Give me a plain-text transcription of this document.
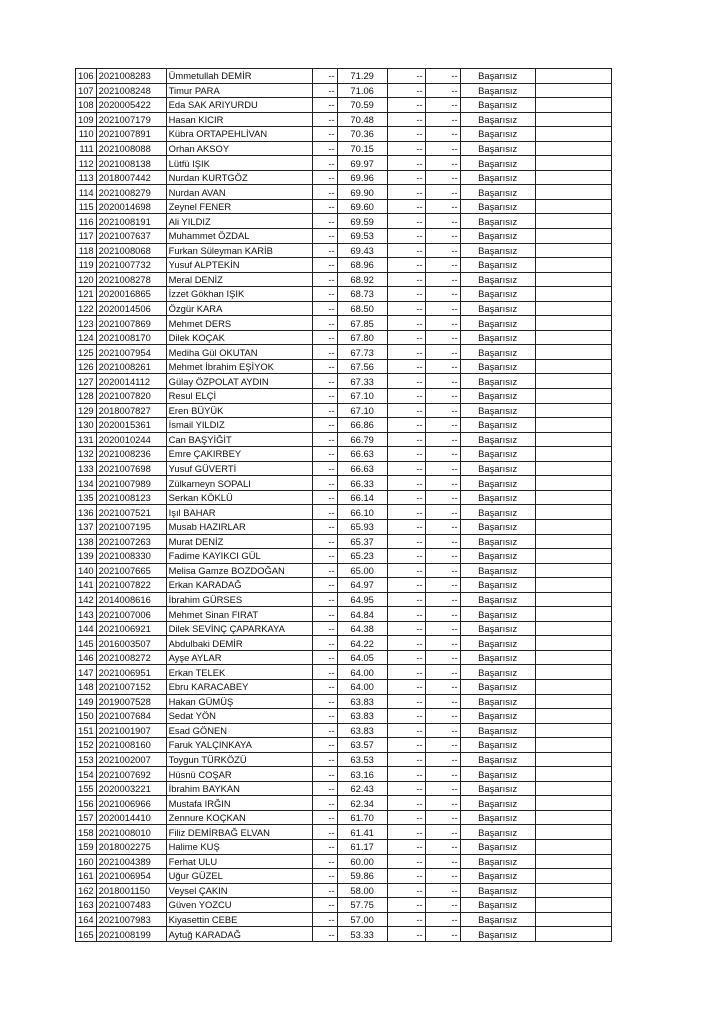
106	2021008283	Ümmetullah DEMİR	--	71.29	--	--	Başarısız	
107	2021008248	Timur PARA	--	71.06	--	--	Başarısız	
108	2020005422	Eda SAK ARIYURDU	--	70.59	--	--	Başarısız	
109	2021007179	Hasan KICIR	--	70.48	--	--	Başarısız	
110	2021007891	Kübra ORTAPEHLİVAN	--	70.36	--	--	Başarısız	
111	2021008088	Orhan AKSOY	--	70.15	--	--	Başarısız	
112	2021008138	Lütfü IŞIK	--	69.97	--	--	Başarısız	
113	2018007442	Nurdan KURTGÖZ	--	69.96	--	--	Başarısız	
114	2021008279	Nurdan AVAN	--	69.90	--	--	Başarısız	
115	2020014698	Zeynel FENER	--	69.60	--	--	Başarısız	
116	2021008191	Ali YILDIZ	--	69.59	--	--	Başarısız	
117	2021007637	Muhammet ÖZDAL	--	69.53	--	--	Başarısız	
118	2021008068	Furkan Süleyman KARİB	--	69.43	--	--	Başarısız	
119	2021007732	Yusuf ALPTEKİN	--	68.96	--	--	Başarısız	
120	2021008278	Meral DENİZ	--	68.92	--	--	Başarısız	
121	2020016865	İzzet Gökhan IŞIK	--	68.73	--	--	Başarısız	
122	2020014506	Özgür KARA	--	68.50	--	--	Başarısız	
123	2021007869	Mehmet DERS	--	67.85	--	--	Başarısız	
124	2021008170	Dilek KOÇAK	--	67.80	--	--	Başarısız	
125	2021007954	Mediha Gül OKUTAN	--	67.73	--	--	Başarısız	
126	2021008261	Mehmet İbrahim EŞİYOK	--	67.56	--	--	Başarısız	
127	2020014112	Gülay ÖZPOLAT AYDIN	--	67.33	--	--	Başarısız	
128	2021007820	Resul ELÇİ	--	67.10	--	--	Başarısız	
129	2018007827	Eren BÜYÜK	--	67.10	--	--	Başarısız	
130	2020015361	İsmail YILDIZ	--	66.86	--	--	Başarısız	
131	2020010244	Can BAŞYİĞİT	--	66.79	--	--	Başarısız	
132	2021008236	Emre ÇAKIRBEY	--	66.63	--	--	Başarısız	
133	2021007698	Yusuf GÜVERTİ	--	66.63	--	--	Başarısız	
134	2021007989	Zülkarneyn SOPALI	--	66.33	--	--	Başarısız	
135	2021008123	Serkan KÖKLÜ	--	66.14	--	--	Başarısız	
136	2021007521	Işıl BAHAR	--	66.10	--	--	Başarısız	
137	2021007195	Musab HAZIRLAR	--	65.93	--	--	Başarısız	
138	2021007263	Murat DENİZ	--	65.37	--	--	Başarısız	
139	2021008330	Fadime KAYIKCI GÜL	--	65.23	--	--	Başarısız	
140	2021007665	Melisa Gamze BOZDOĞAN	--	65.00	--	--	Başarısız	
141	2021007822	Erkan KARADAĞ	--	64.97	--	--	Başarısız	
142	2014008616	İbrahim GÜRSES	--	64.95	--	--	Başarısız	
143	2021007006	Mehmet Sinan FIRAT	--	64.84	--	--	Başarısız	
144	2021006921	Dilek SEVİNÇ ÇAPARKAYA	--	64.38	--	--	Başarısız	
145	2016003507	Abdulbaki DEMİR	--	64.22	--	--	Başarısız	
146	2021008272	Ayşe AYLAR	--	64.05	--	--	Başarısız	
147	2021006951	Erkan TELEK	--	64.00	--	--	Başarısız	
148	2021007152	Ebru KARACABEY	--	64.00	--	--	Başarısız	
149	2019007528	Hakan GÜMÜŞ	--	63.83	--	--	Başarısız	
150	2021007684	Sedat YÖN	--	63.83	--	--	Başarısız	
151	2021001907	Esad GÖNEN	--	63.83	--	--	Başarısız	
152	2021008160	Faruk YALÇINKAYA	--	63.57	--	--	Başarısız	
153	2021002007	Toygun TÜRKÖZÜ	--	63.53	--	--	Başarısız	
154	2021007692	Hüsnü COŞAR	--	63.16	--	--	Başarısız	
155	2020003221	İbrahim BAYKAN	--	62.43	--	--	Başarısız	
156	2021006966	Mustafa IRĞIN	--	62.34	--	--	Başarısız	
157	2020014410	Zennure KOÇKAN	--	61.70	--	--	Başarısız	
158	2021008010	Filiz DEMİRBAĞ ELVAN	--	61.41	--	--	Başarısız	
159	2018002275	Halime KUŞ	--	61.17	--	--	Başarısız	
160	2021004389	Ferhat ULU	--	60.00	--	--	Başarısız	
161	2021006954	Uğur GÜZEL	--	59.86	--	--	Başarısız	
162	2018001150	Veysel ÇAKIN	--	58.00	--	--	Başarısız	
163	2021007483	Güven YOZCU	--	57.75	--	--	Başarısız	
164	2021007983	Kiyasettin CEBE	--	57.00	--	--	Başarısız	
165	2021008199	Aytuğ KARADAĞ	--	53.33	--	--	Başarısız	
